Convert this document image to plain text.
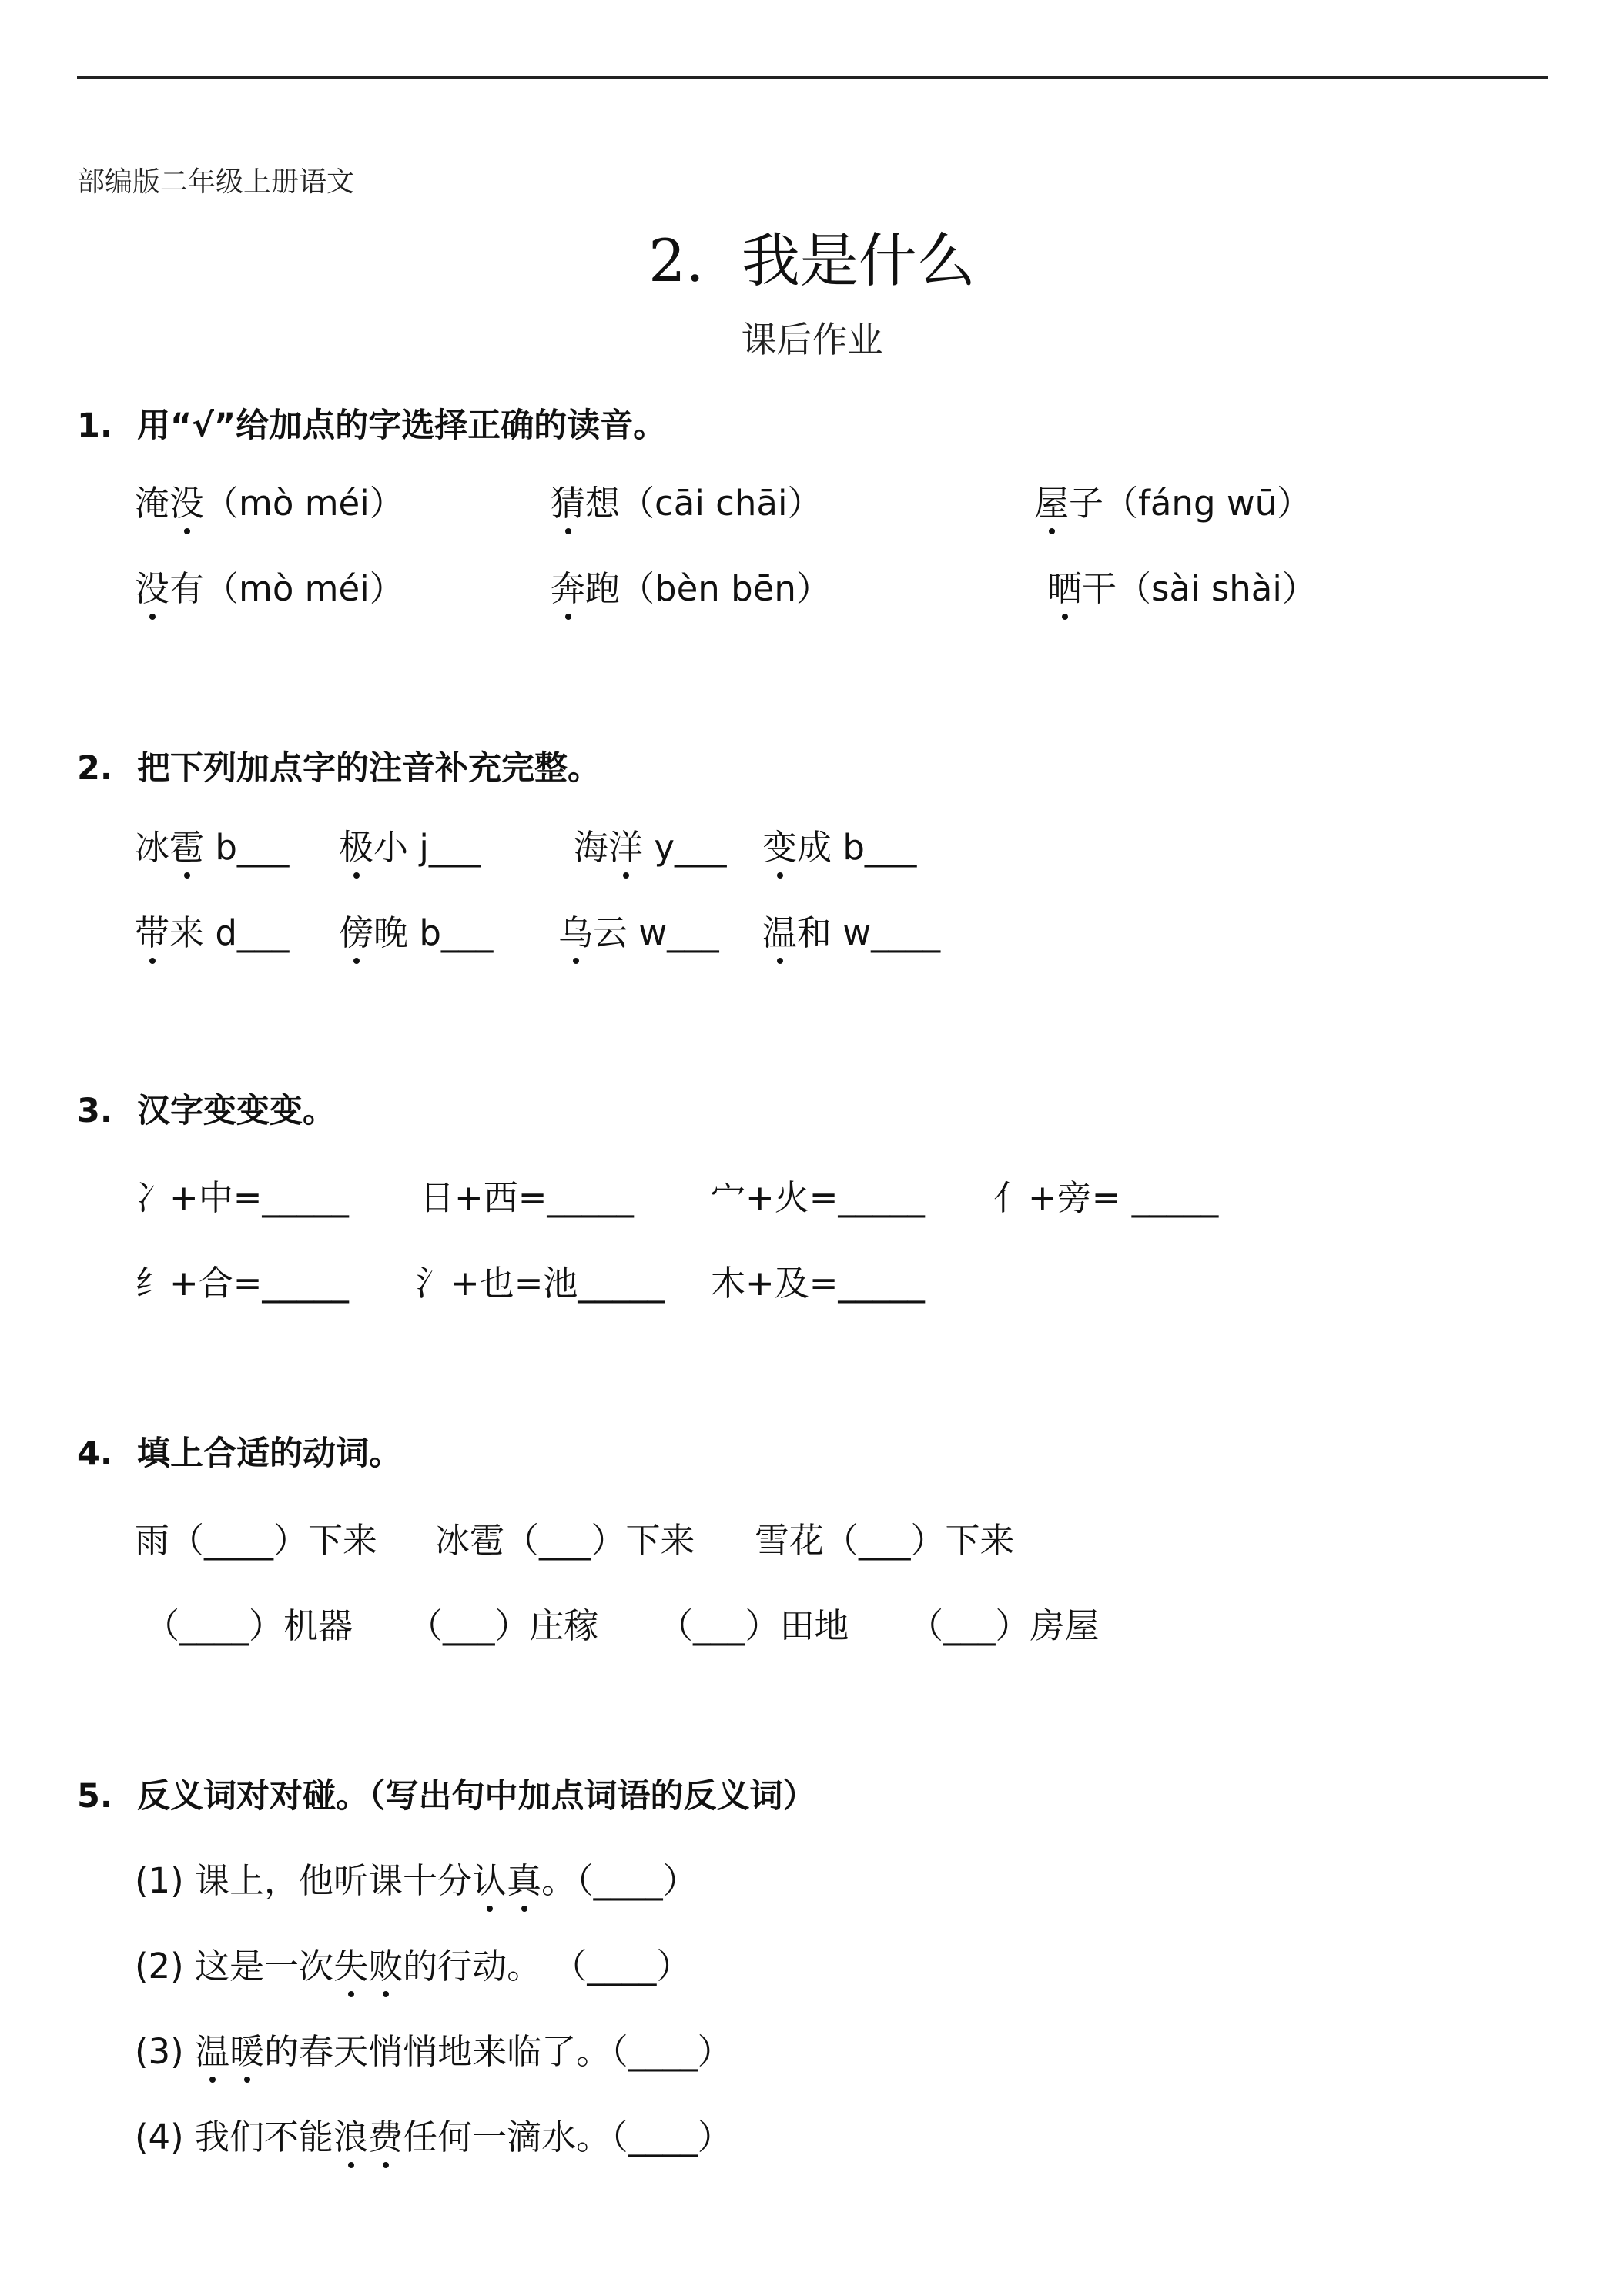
部编版二年级上册语文
2.  我是什么
课后作业
1. 用“√”给加点的字选择正确的读音。
淹没（mò méi）	猜想（cāi chāi）	屋子（fáng wū）
没有（mò méi）	奔跑（bèn bēn）	晒干（sài shài）
2. 把下列加点字的注音补充完整。
冰雹 b___ 极小 j___	海洋 y___ 变成 b___
带来 d___ 傍晚 b___ 乌云 w___ 温和 w____
3. 汉字变变变。
冫+中=_____ 日+西=_____ 宀+火=_____ 亻+旁= _____
纟+合=_____ 氵+也=池_____ 木+及=_____
4. 填上合适的动词。
雨（____）下来 冰雹（___）下来 雪花（___）下来
（____）机器 （___）庄稼 （___）田地 （___）房屋
5. 反义词对对碰。（写出句中加点词语的反义词）
(1) 课上，他听课十分认真。（____）
(2) 这是一次失败的行动。 （____）
(3) 温暖的春天悄悄地来临了。（____）
(4) 我们不能浪费任何一滴水。（____）
